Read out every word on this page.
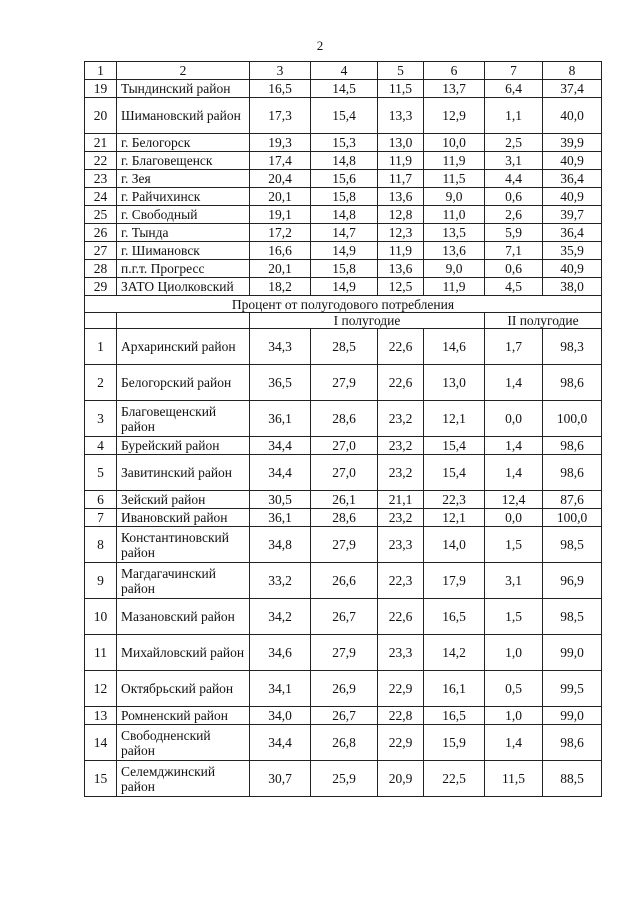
2
1	2	3	4	5	6	7	8
19	Тындинский район	16,5	14,5	11,5	13,7	6,4	37,4
20	Шимановский район	17,3	15,4	13,3	12,9	1,1	40,0
21	г. Белогорск	19,3	15,3	13,0	10,0	2,5	39,9
22	г. Благовещенск	17,4	14,8	11,9	11,9	3,1	40,9
23	г. Зея	20,4	15,6	11,7	11,5	4,4	36,4
24	г. Райчихинск	20,1	15,8	13,6	9,0	0,6	40,9
25	г. Свободный	19,1	14,8	12,8	11,0	2,6	39,7
26	г. Тында	17,2	14,7	12,3	13,5	5,9	36,4
27	г. Шимановск	16,6	14,9	11,9	13,6	7,1	35,9
28	п.г.т. Прогресс	20,1	15,8	13,6	9,0	0,6	40,9
29	ЗАТО Циолковский	18,2	14,9	12,5	11,9	4,5	38,0
Процент от полугодового потребления							
		I полугодие				II полугодие	
1	Архаринский район	34,3	28,5	22,6	14,6	1,7	98,3
2	Белогорский район	36,5	27,9	22,6	13,0	1,4	98,6
3	Благовещенский район	36,1	28,6	23,2	12,1	0,0	100,0
4	Бурейский район	34,4	27,0	23,2	15,4	1,4	98,6
5	Завитинский район	34,4	27,0	23,2	15,4	1,4	98,6
6	Зейский район	30,5	26,1	21,1	22,3	12,4	87,6
7	Ивановский район	36,1	28,6	23,2	12,1	0,0	100,0
8	Константиновский район	34,8	27,9	23,3	14,0	1,5	98,5
9	Магдагачинский район	33,2	26,6	22,3	17,9	3,1	96,9
10	Мазановский район	34,2	26,7	22,6	16,5	1,5	98,5
11	Михайловский район	34,6	27,9	23,3	14,2	1,0	99,0
12	Октябрьский район	34,1	26,9	22,9	16,1	0,5	99,5
13	Ромненский район	34,0	26,7	22,8	16,5	1,0	99,0
14	Свободненский район	34,4	26,8	22,9	15,9	1,4	98,6
15	Селемджинский район	30,7	25,9	20,9	22,5	11,5	88,5
